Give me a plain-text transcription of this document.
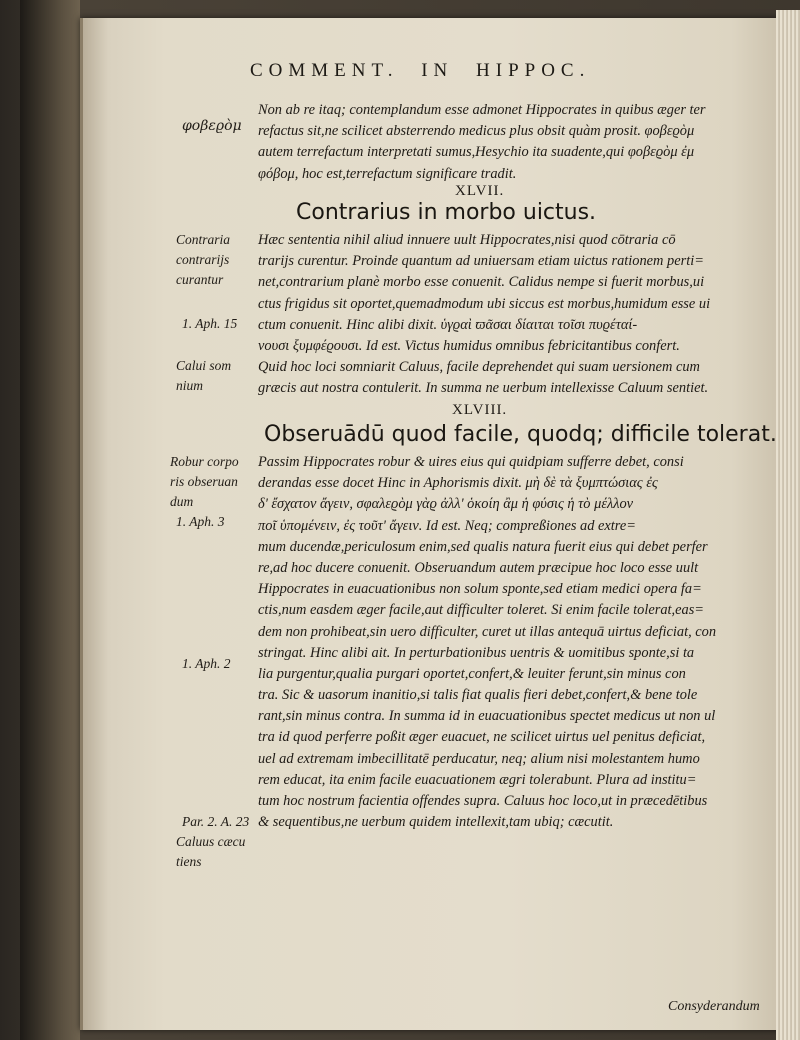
COMMENT. IN HIPPOC.
Non ab re itaq; contemplandum esse admonet Hippocrates in quibus æger ter
refactus sit,ne scilicet absterrendo medicus plus obsit quàm prosit. φοβεϱὸμ
autem terrefactum interpretati sumus,Hesychio ita suadente,qui φοβεϱὸμ ἐμ
φόβομ, hoc est,terrefactum significare tradit.
XLVII.
Contrarius in morbo uictus.
Hæc sententia nihil aliud innuere uult Hippocrates,nisi quod cōtraria cō
trarijs curentur. Proinde quantum ad uniuersam etiam uictus rationem perti=
net,contrarium planè morbo esse conuenit. Calidus nempe si fuerit morbus,ui
ctus frigidus sit oportet,quemadmodum ubi siccus est morbus,humidum esse ui
ctum conuenit. Hinc alibi dixit. ὑγϱαὶ ϖᾶσαι δίαιται τοῖσι πυϱέταί-
νουσι ξυμφέϱουσι. Id est. Victus humidus omnibus febricitantibus confert.
Quid hoc loci somniarit Caluus, facile deprehendet qui suam uersionem cum
græcis aut nostra contulerit. In summa ne uerbum intellexisse Caluum sentiet.
XLVIII.
Obseruādū quod facile, quodq; difficile tolerat.
Passim Hippocrates robur & uires eius qui quidpiam sufferre debet, consi
derandas esse docet Hinc in Aphorismis dixit. μὴ δὲ τὰ ξυμπτώσιας ἐς
δ' ἔσχατον ἄγειν, σφαλεϱὸμ γὰϱ ἀλλ' ὁκοίη ἂμ ἡ φύσις ἡ τὸ μέλλον
ποῖ ὑπομένειν, ἐς τοῦτ' ἄγειν. Id est. Neq; compreßiones ad extre=
mum ducendæ,periculosum enim,sed qualis natura fuerit eius qui debet perfer
re,ad hoc ducere conuenit. Obseruandum autem præcipue hoc loco esse uult
Hippocrates in euacuationibus non solum sponte,sed etiam medici opera fa=
ctis,num easdem æger facile,aut difficulter toleret. Si enim facile tolerat,eas=
dem non prohibeat,sin uero difficulter, curet ut illas antequā uirtus deficiat, con
stringat. Hinc alibi ait. In perturbationibus uentris & uomitibus sponte,si ta
lia purgentur,qualia purgari oportet,confert,& leuiter ferunt,sin minus con
tra. Sic & uasorum inanitio,si talis fiat qualis fieri debet,confert,& bene tole
rant,sin minus contra. In summa id in euacuationibus spectet medicus ut non ul
tra id quod perferre poßit æger euacuet, ne scilicet uirtus uel penitus deficiat,
uel ad extremam imbecillitatē perducatur, neq; alium nisi molestantem humo
rem educat, ita enim facile euacuationem ægri tolerabunt. Plura ad institu=
tum hoc nostrum facientia offendes supra. Caluus hoc loco,ut in præcedētibus
& sequentibus,ne uerbum quidem intellexit,tam ubiq; cæcutit.
Consyderandum
φοβεϱὸμ
Contraria
contrarijs
curantur
1. Aph. 15
Calui som
nium
Robur corpo
ris obseruan
dum
1. Aph. 3
1. Aph. 2
Par. 2. A. 23
Caluus cæcu
tiens
